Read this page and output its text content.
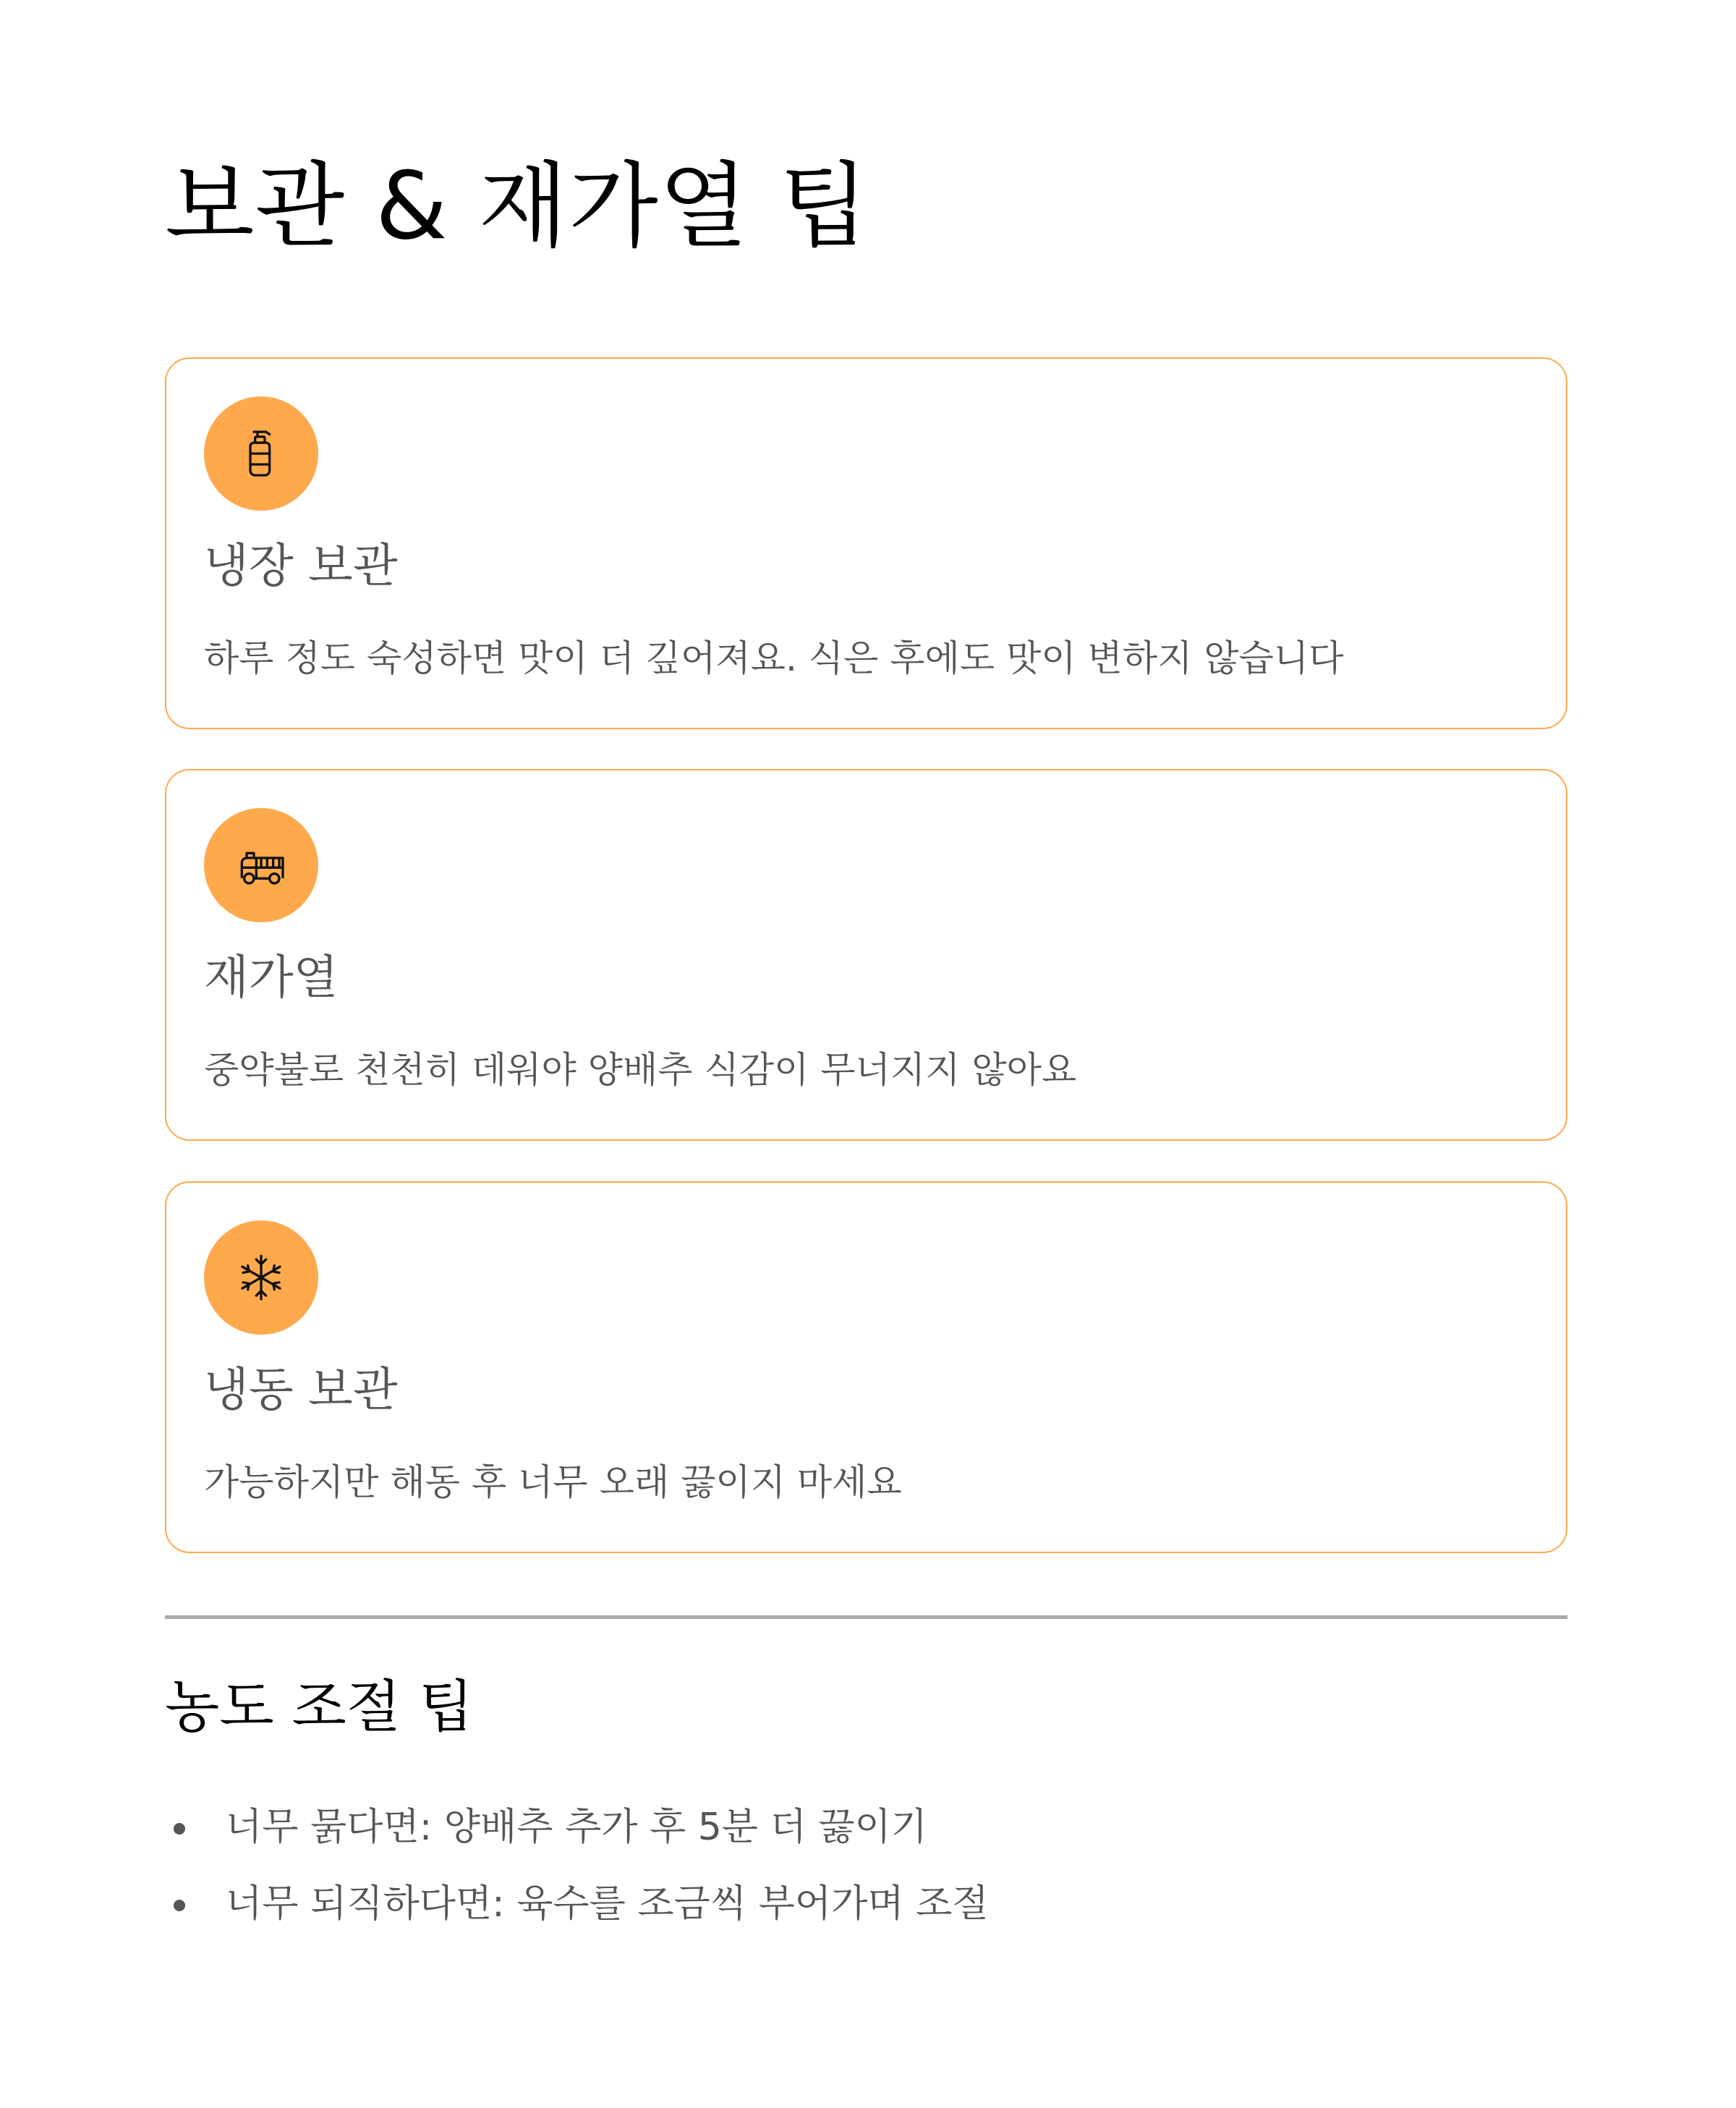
보관 & 재가열 팁
냉장 보관

하루 정도 숙성하면 맛이 더 깊어져요. 식은 후에도 맛이 변하지 않습니다

재가열

중약불로 천천히 데워야 양배추 식감이 무너지지 않아요

냉동 보관

가능하지만 해동 후 너무 오래 끓이지 마세요

농도 조절 팁
너무 묽다면: 양배추 추가 후 5분 더 끓이기
너무 되직하다면: 육수를 조금씩 부어가며 조절
